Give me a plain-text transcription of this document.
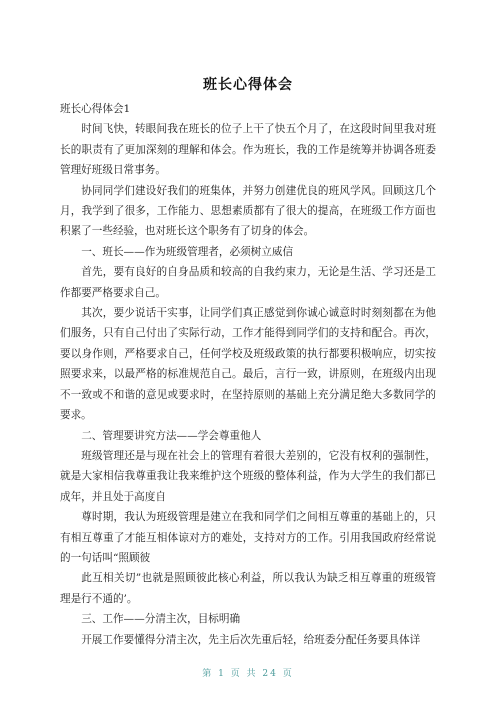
班长心得体会

班长心得体会1

时间飞快，转眼间我在班长的位子上干了快五个月了，在这段时间里我对班长的职责有了更加深刻的理解和体会。作为班长，我的工作是统筹并协调各班委管理好班级日常事务。

协同同学们建设好我们的班集体，并努力创建优良的班风学风。回顾这几个月，我学到了很多，工作能力、思想素质都有了很大的提高，在班级工作方面也积累了一些经验，也对班长这个职务有了切身的体会。

一、班长——作为班级管理者，必须树立威信

首先，要有良好的自身品质和较高的自我约束力，无论是生活、学习还是工作都要严格要求自己。

其次，要少说话干实事，让同学们真正感觉到你诚心诚意时时刻刻都在为他们服务，只有自己付出了实际行动，工作才能得到同学们的支持和配合。再次，要以身作则，严格要求自己，任何学校及班级政策的执行都要积极响应，切实按照要求来，以最严格的标准规范自己。最后，言行一致，讲原则，在班级内出现不一致或不和谐的意见或要求时，在坚持原则的基础上充分满足绝大多数同学的要求。

二、管理要讲究方法——学会尊重他人

班级管理还是与现在社会上的管理有着很大差别的，它没有权利的强制性，就是大家相信我尊重我让我来维护这个班级的整体利益，作为大学生的我们都已成年，并且处于高度自

尊时期，我认为班级管理是建立在我和同学们之间相互尊重的基础上的，只有相互尊重了才能互相体谅对方的难处，支持对方的工作。引用我国政府经常说的一句话叫“照顾彼

此互相关切”也就是照顾彼此核心利益，所以我认为缺乏相互尊重的班级管理是行不通的’。

三、工作——分清主次，目标明确

开展工作要懂得分清主次，先主后次先重后轻，给班委分配任务要具体详

第 1 页 共 24 页
